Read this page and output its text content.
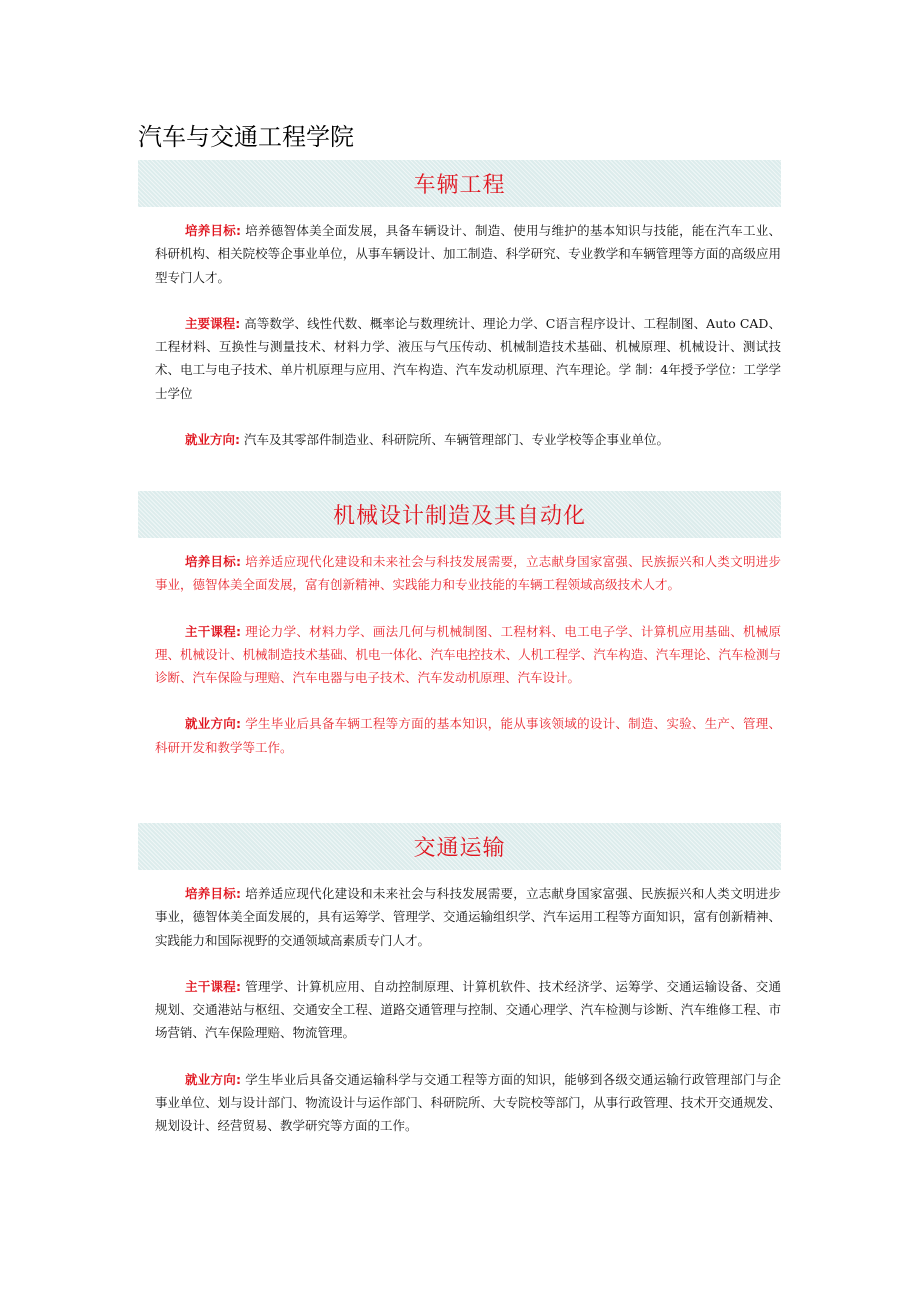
汽车与交通工程学院
车辆工程

培养目标: 培养德智体美全面发展，具备车辆设计、制造、使用与维护的基本知识与技能，能在汽车工业、科研机构、相关院校等企事业单位，从事车辆设计、加工制造、科学研究、专业教学和车辆管理等方面的高级应用型专门人才。

主要课程: 高等数学、线性代数、概率论与数理统计、理论力学、C语言程序设计、工程制图、Auto CAD、工程材料、互换性与测量技术、材料力学、液压与气压传动、机械制造技术基础、机械原理、机械设计、测试技术、电工与电子技术、单片机原理与应用、汽车构造、汽车发动机原理、汽车理论。学 制：4年授予学位：工学学士学位

就业方向: 汽车及其零部件制造业、科研院所、车辆管理部门、专业学校等企事业单位。

机械设计制造及其自动化

培养目标: 培养适应现代化建设和未来社会与科技发展需要，立志献身国家富强、民族振兴和人类文明进步事业，德智体美全面发展，富有创新精神、实践能力和专业技能的车辆工程领域高级技术人才。

主干课程: 理论力学、材料力学、画法几何与机械制图、工程材料、电工电子学、计算机应用基础、机械原理、机械设计、机械制造技术基础、机电一体化、汽车电控技术、人机工程学、汽车构造、汽车理论、汽车检测与诊断、汽车保险与理赔、汽车电器与电子技术、汽车发动机原理、汽车设计。

就业方向: 学生毕业后具备车辆工程等方面的基本知识，能从事该领域的设计、制造、实验、生产、管理、科研开发和教学等工作。

交通运输

培养目标: 培养适应现代化建设和未来社会与科技发展需要，立志献身国家富强、民族振兴和人类文明进步事业，德智体美全面发展的，具有运筹学、管理学、交通运输组织学、汽车运用工程等方面知识，富有创新精神、实践能力和国际视野的交通领域高素质专门人才。

主干课程: 管理学、计算机应用、自动控制原理、计算机软件、技术经济学、运筹学、交通运输设备、交通规划、交通港站与枢纽、交通安全工程、道路交通管理与控制、交通心理学、汽车检测与诊断、汽车维修工程、市场营销、汽车保险理赔、物流管理。

就业方向: 学生毕业后具备交通运输科学与交通工程等方面的知识，能够到各级交通运输行政管理部门与企事业单位、划与设计部门、物流设计与运作部门、科研院所、大专院校等部门，从事行政管理、技术开交通规发、规划设计、经营贸易、教学研究等方面的工作。
